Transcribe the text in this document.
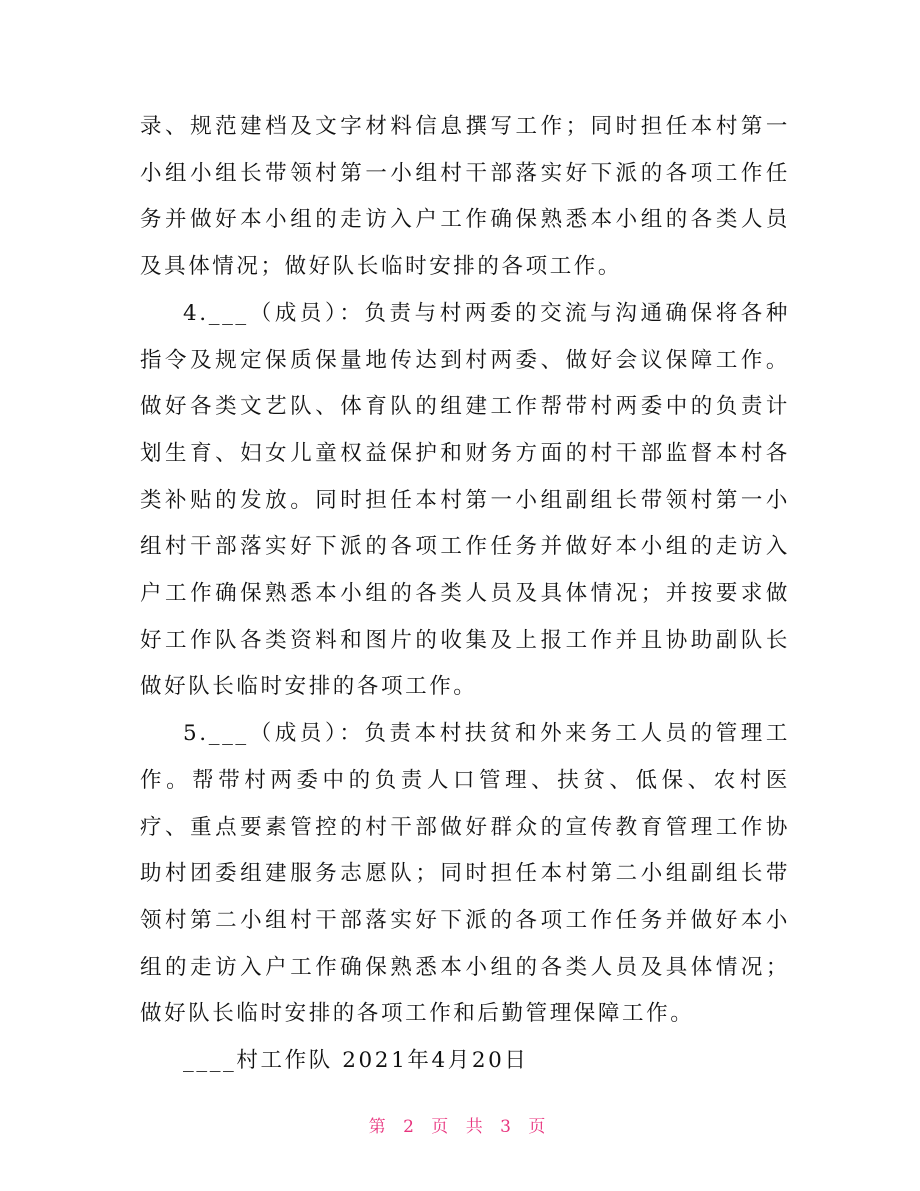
录、规范建档及文字材料信息撰写工作；同时担任本村第一小组小组长带领村第一小组村干部落实好下派的各项工作任务并做好本小组的走访入户工作确保熟悉本小组的各类人员及具体情况；做好队长临时安排的各项工作。

4.___（成员）：负责与村两委的交流与沟通确保将各种指令及规定保质保量地传达到村两委、做好会议保障工作。做好各类文艺队、体育队的组建工作帮带村两委中的负责计划生育、妇女儿童权益保护和财务方面的村干部监督本村各类补贴的发放。同时担任本村第一小组副组长带领村第一小组村干部落实好下派的各项工作任务并做好本小组的走访入户工作确保熟悉本小组的各类人员及具体情况；并按要求做好工作队各类资料和图片的收集及上报工作并且协助副队长做好队长临时安排的各项工作。

5.___（成员）：负责本村扶贫和外来务工人员的管理工作。帮带村两委中的负责人口管理、扶贫、低保、农村医疗、重点要素管控的村干部做好群众的宣传教育管理工作协助村团委组建服务志愿队；同时担任本村第二小组副组长带领村第二小组村干部落实好下派的各项工作任务并做好本小组的走访入户工作确保熟悉本小组的各类人员及具体情况；做好队长临时安排的各项工作和后勤管理保障工作。

____村工作队 2021年4月20日

第 2 页 共 3 页
